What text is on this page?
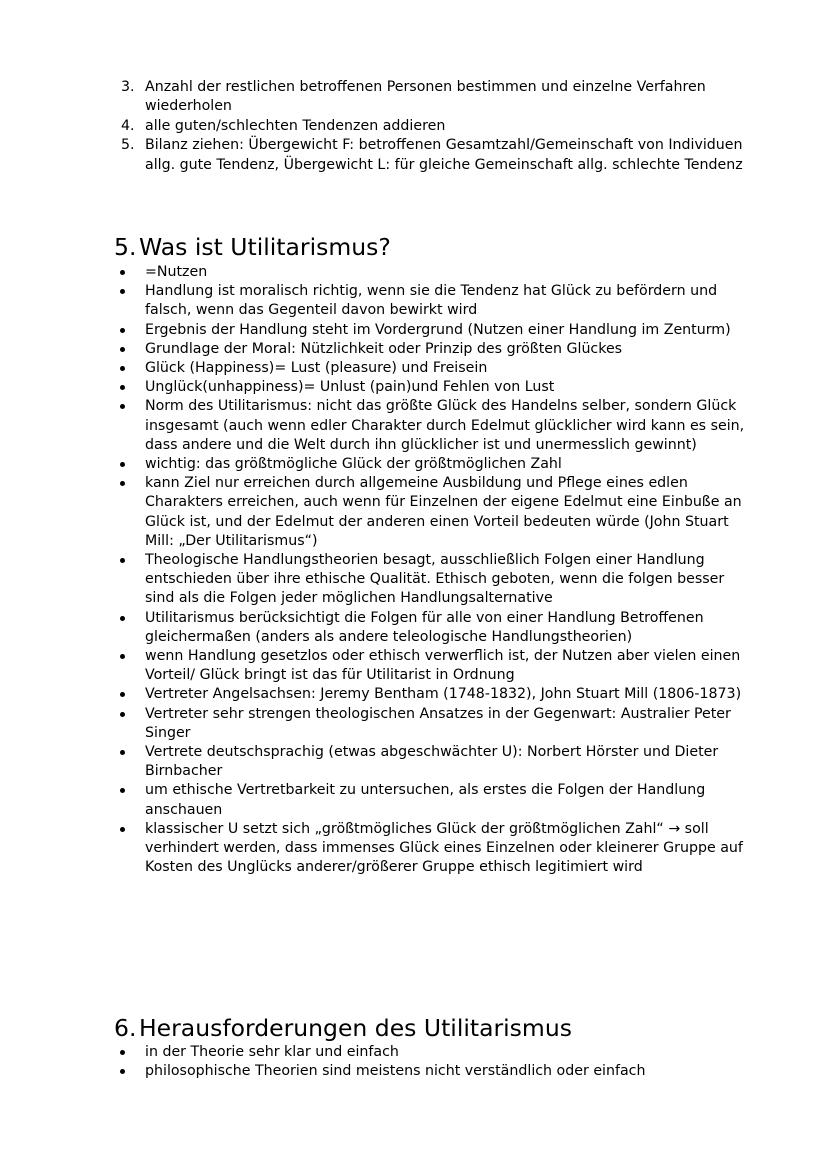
3. Anzahl der restlichen betroffenen Personen bestimmen und einzelne Verfahren wiederholen
4. alle guten/schlechten Tendenzen addieren
5. Bilanz ziehen: Übergewicht F: betroffenen Gesamtzahl/Gemeinschaft von Individuen allg. gute Tendenz, Übergewicht L: für gleiche Gemeinschaft allg. schlechte Tendenz
5. Was ist Utilitarismus?
=Nutzen
Handlung ist moralisch richtig, wenn sie die Tendenz hat Glück zu befördern und falsch, wenn das Gegenteil davon bewirkt wird
Ergebnis der Handlung steht im Vordergrund (Nutzen einer Handlung im Zenturm)
Grundlage der Moral: Nützlichkeit oder Prinzip des größten Glückes
Glück (Happiness)= Lust (pleasure) und Freisein
Unglück(unhappiness)= Unlust (pain)und Fehlen von Lust
Norm des Utilitarismus: nicht das größte Glück des Handelns selber, sondern Glück insgesamt (auch wenn edler Charakter durch Edelmut glücklicher wird kann es sein, dass andere und die Welt durch ihn glücklicher ist und unermesslich gewinnt)
wichtig: das größtmögliche Glück der größtmöglichen Zahl
kann Ziel nur erreichen durch allgemeine Ausbildung und Pflege eines edlen Charakters erreichen, auch wenn für Einzelnen der eigene Edelmut eine Einbuße an Glück ist, und der Edelmut der anderen einen Vorteil bedeuten würde (John Stuart Mill: „Der Utilitarismus“)
Theologische Handlungstheorien besagt, ausschließlich Folgen einer Handlung entschieden über ihre ethische Qualität. Ethisch geboten, wenn die folgen besser sind als die Folgen jeder möglichen Handlungsalternative
Utilitarismus berücksichtigt die Folgen für alle von einer Handlung Betroffenen gleichermaßen (anders als andere teleologische Handlungstheorien)
wenn Handlung gesetzlos oder ethisch verwerflich ist, der Nutzen aber vielen einen Vorteil/ Glück bringt ist das für Utilitarist in Ordnung
Vertreter Angelsachsen: Jeremy Bentham (1748-1832), John Stuart Mill (1806-1873)
Vertreter sehr strengen theologischen Ansatzes in der Gegenwart: Australier Peter Singer
Vertrete deutschsprachig (etwas abgeschwächter U): Norbert Hörster und Dieter Birnbacher
um ethische Vertretbarkeit zu untersuchen, als erstes die Folgen der Handlung anschauen
klassischer U setzt sich „größtmögliches Glück der größtmöglichen Zahl“ → soll verhindert werden, dass immenses Glück eines Einzelnen oder kleinerer Gruppe auf Kosten des Unglücks anderer/größerer Gruppe ethisch legitimiert wird
6. Herausforderungen des Utilitarismus
in der Theorie sehr klar und einfach
philosophische Theorien sind meistens nicht verständlich oder einfach
